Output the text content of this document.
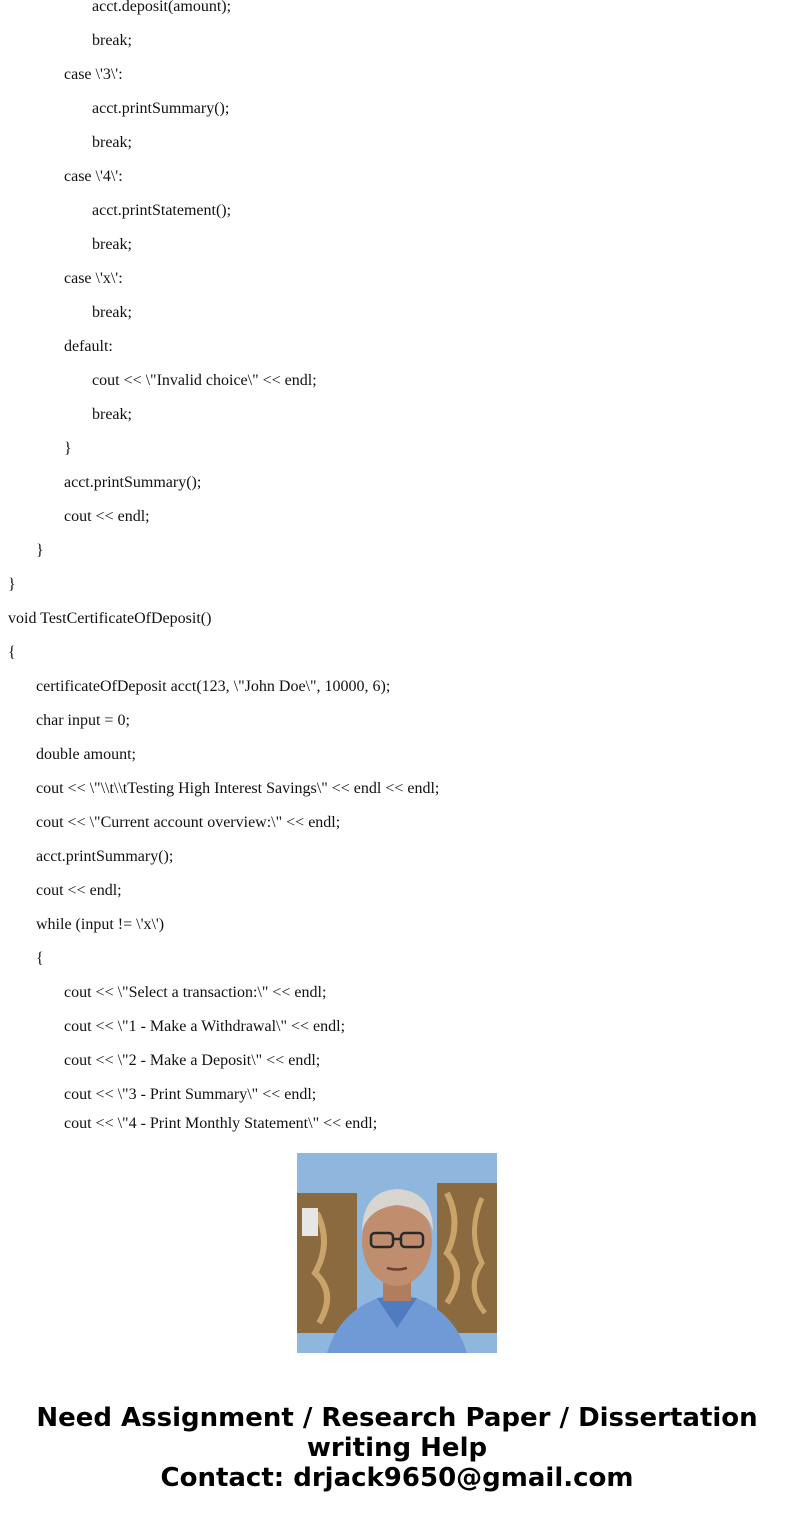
acct.deposit(amount);
break;
case \'3\':
acct.printSummary();
break;
case \'4\':
acct.printStatement();
break;
case \'x\':
break;
default:
cout << \"Invalid choice\" << endl;
break;
}
acct.printSummary();
cout << endl;
}
}
void TestCertificateOfDeposit()
{
certificateOfDeposit acct(123, \"John Doe\", 10000, 6);
char input = 0;
double amount;
cout << \"\\t\\tTesting High Interest Savings\" << endl << endl;
cout << \"Current account overview:\" << endl;
acct.printSummary();
cout << endl;
while (input != \'x\')
{
cout << \"Select a transaction:\" << endl;
cout << \"1 - Make a Withdrawal\" << endl;
cout << \"2 - Make a Deposit\" << endl;
cout << \"3 - Print Summary\" << endl;
cout << \"4 - Print Monthly Statement\" << endl;
Need Assignment / Research Paper / Dissertation
writing Help
Contact: drjack9650@gmail.com
